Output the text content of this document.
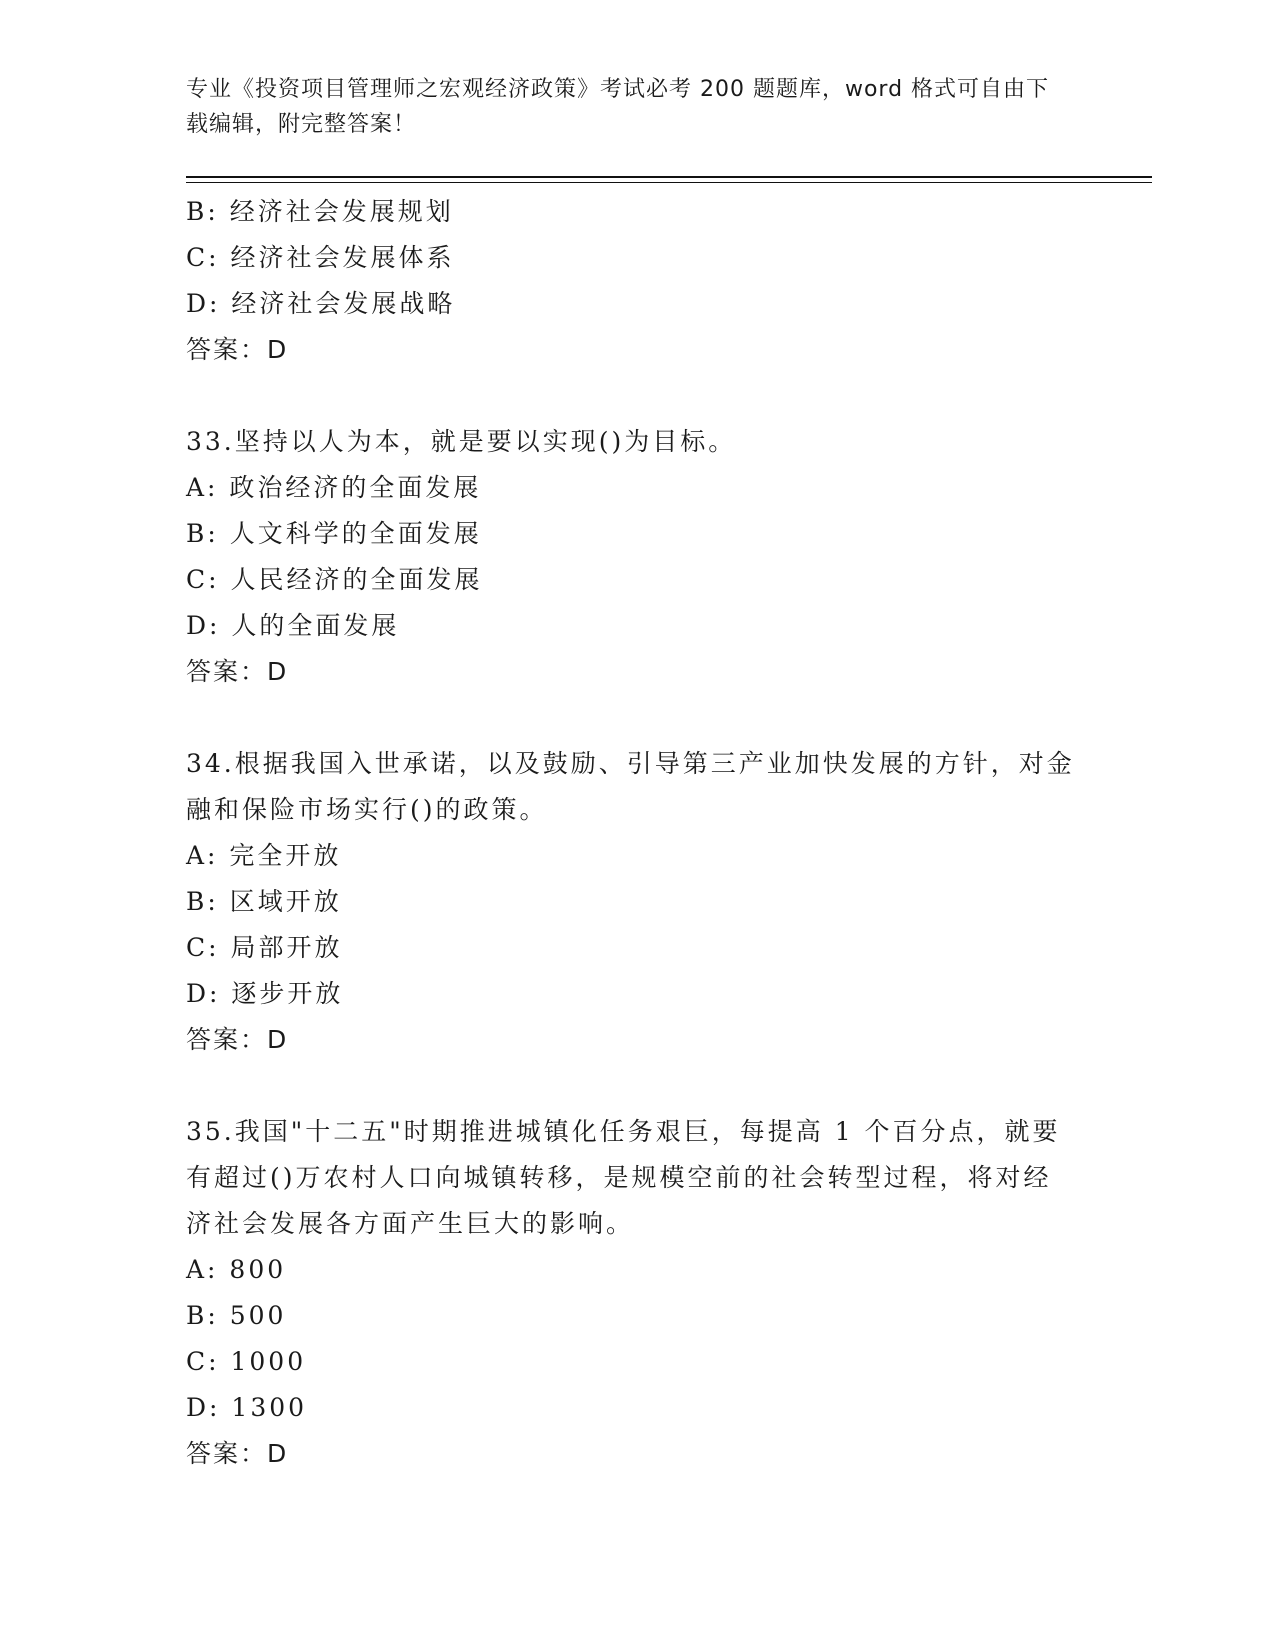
专业《投资项目管理师之宏观经济政策》考试必考 200 题题库，word 格式可自由下载编辑，附完整答案！
B: 经济社会发展规划
C: 经济社会发展体系
D: 经济社会发展战略
答案：D
33.坚持以人为本，就是要以实现()为目标。
A: 政治经济的全面发展
B: 人文科学的全面发展
C: 人民经济的全面发展
D: 人的全面发展
答案：D
34.根据我国入世承诺，以及鼓励、引导第三产业加快发展的方针，对金融和保险市场实行()的政策。
A: 完全开放
B: 区域开放
C: 局部开放
D: 逐步开放
答案：D
35.我国"十二五"时期推进城镇化任务艰巨，每提高 1 个百分点，就要有超过()万农村人口向城镇转移，是规模空前的社会转型过程，将对经济社会发展各方面产生巨大的影响。
A: 800
B: 500
C: 1000
D: 1300
答案：D
